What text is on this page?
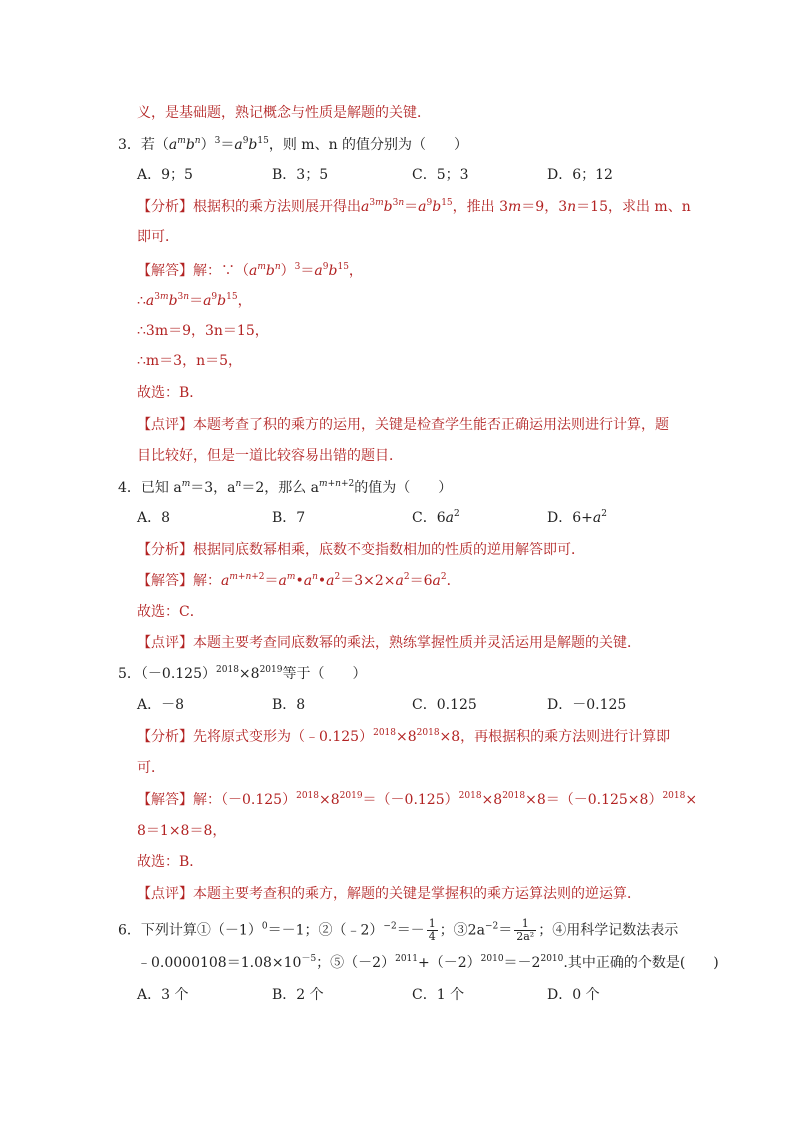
义，是基础题，熟记概念与性质是解题的关键．
3．若$(a^mb^n)^3=a^9b^{15}$，则 m、n 的值分别为（　　）
A．9；5	B．3；5	C．5；3	D．6；12
【分析】根据积的乘方法则展开得出$a^{3m}b^{3n}=a^9b^{15}$，推出 3m＝9，3n＝15，求出 m、n
即可．
【解答】解：$\because(a^mb^n)^3=a^9b^{15}$，
$\therefore a^{3m}b^{3n}=a^9b^{15}$，
∴3m＝9，3n＝15，
∴m＝3，n＝5，
故选：B．
【点评】本题考查了积的乘方的运用，关键是检查学生能否正确运用法则进行计算，题
目比较好，但是一道比较容易出错的题目．
4．已知 $a^m=3$，$a^n=2$，那么 $a^{m+n+2}$的值为（　　）
A．8	B．7	C．$6a^2$	D．$6+a^2$
【分析】根据同底数幂相乘，底数不变指数相加的性质的逆用解答即可．
【解答】解：$a^{m+n+2}=a^m•a^n•a^2=3\times 2\times a^2=6a^2$．
故选：C．
【点评】本题主要考查同底数幂的乘法，熟练掌握性质并灵活运用是解题的关键．
5．$(-0.125)^{2018}\times 8^{2019}$等于（　　）
A．－8	B．8	C．0.125	D．－0.125
【分析】先将原式变形为$(﹣0.125)^{2018}\times 8^{2018}\times 8$，再根据积的乘方法则进行计算即
可．
【解答】解：$(-0.125)^{2018}\times 8^{2019}=(-0.125)^{2018}\times 8^{2018}\times 8=(-0.125\times 8)^{2018}\times$
8＝1×8＝8，
故选：B．
【点评】本题主要考查积的乘方，解题的关键是掌握积的乘方运算法则的逆运算．
6．下列计算$①(-1)^0=-1$；②（﹣2）$^{-2}$＝－ $\frac{1}{4}$ ；$③2a^{-2}= \frac{1}{\text{2a²}}$ ；④用科学记数法表示
$﹣0.0000108=1.08\times 10^{-5}$；$⑤(-2)^{2011}+(-2)^{2010}=-2^{2010}$.其中正确的个数是(　　)
A．3 个	B．2 个	C．1 个	D．0 个
